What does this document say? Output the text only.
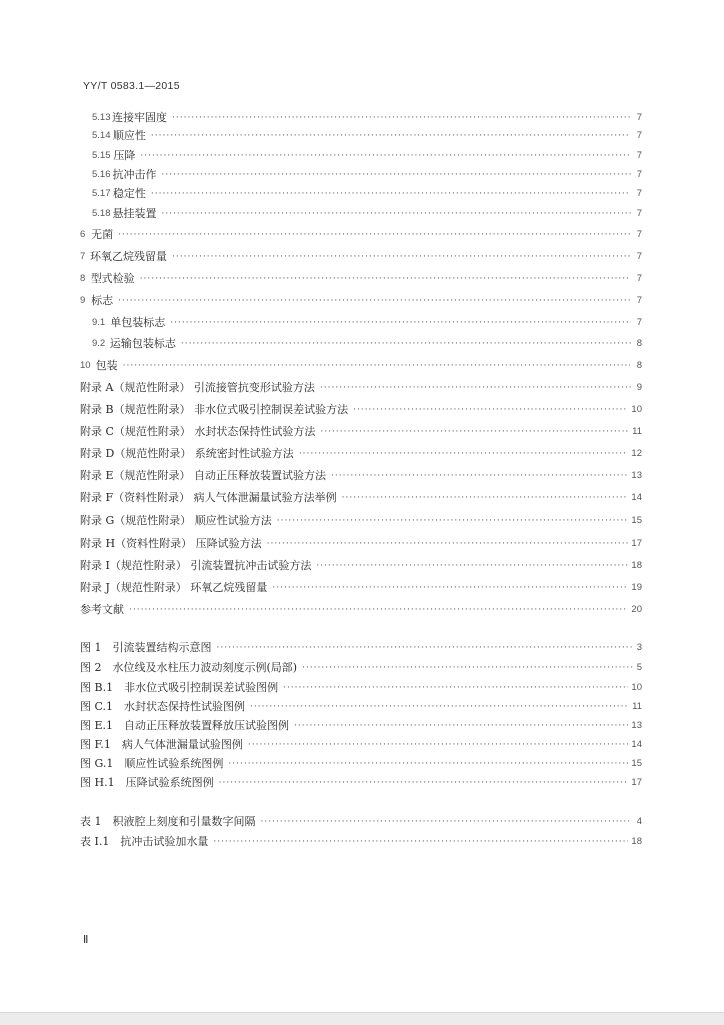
YY/T 0583.1—2015
5.13 连接牢固度 ·····	7
5.14 顺应性 ·····	7
5.15 压降 ·····	7
5.16 抗冲击作 ·····	7
5.17 稳定性 ·····	7
5.18 悬挂装置 ·····	7
6 无菌 ·····	7
7 环氧乙烷残留量 ·····	7
8 型式检验 ·····	7
9 标志 ·····	7
9.1 单包装标志 ·····	7
9.2 运输包装标志 ·····	8
10 包装 ·····	8
附录 A（规范性附录） 引流接管抗变形试验方法 ·····	9
附录 B（规范性附录） 非水位式吸引控制误差试验方法 ·····	10
附录 C（规范性附录） 水封状态保持性试验方法 ·····	11
附录 D（规范性附录） 系统密封性试验方法 ·····	12
附录 E（规范性附录） 自动正压释放装置试验方法 ·····	13
附录 F（资料性附录） 病人气体泄漏量试验方法举例 ·····	14
附录 G（规范性附录） 顺应性试验方法 ·····	15
附录 H（资料性附录） 压降试验方法 ·····	17
附录 I（规范性附录） 引流装置抗冲击试验方法 ·····	18
附录 J（规范性附录） 环氧乙烷残留量 ·····	19
参考文献 ·····	20
图 1　引流装置结构示意图 ·····	3
图 2　水位线及水柱压力波动刻度示例(局部) ·····	5
图 B.1　非水位式吸引控制误差试验图例 ·····	10
图 C.1　水封状态保持性试验图例 ·····	11
图 E.1　自动正压释放装置释放压试验图例 ·····	13
图 F.1　病人气体泄漏量试验图例 ·····	14
图 G.1　顺应性试验系统图例 ·····	15
图 H.1　压降试验系统图例 ·····	17
表 1　积液腔上刻度和引量数字间隔 ·····	4
表 I.1　抗冲击试验加水量 ·····	18
Ⅱ
